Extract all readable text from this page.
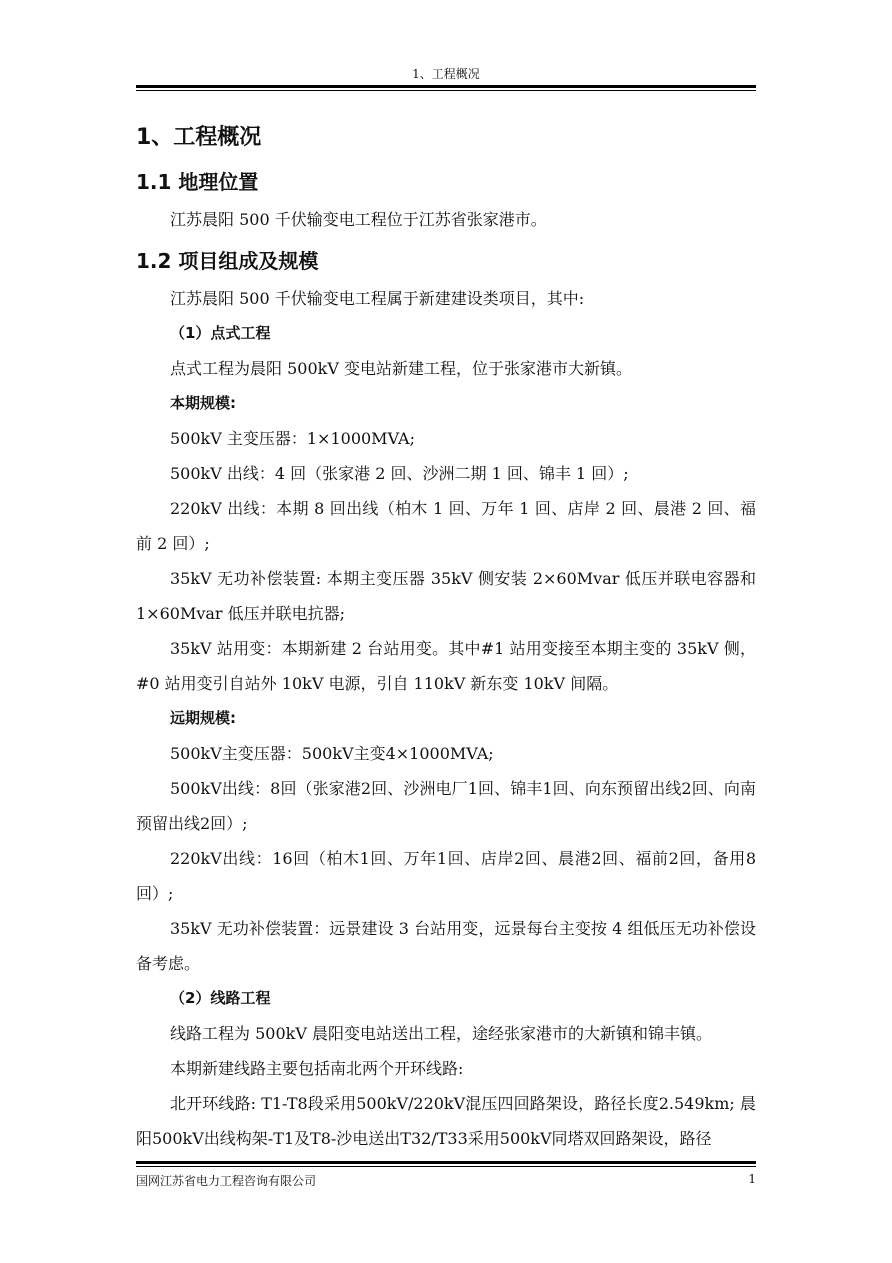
1、工程概况
1、工程概况
1.1 地理位置

江苏晨阳 500 千伏输变电工程位于江苏省张家港市。

1.2 项目组成及规模

江苏晨阳 500 千伏输变电工程属于新建建设类项目，其中:

（1）点式工程

点式工程为晨阳 500kV 变电站新建工程，位于张家港市大新镇。

本期规模:

500kV 主变压器：1×1000MVA;

500kV 出线：4 回（张家港 2 回、沙洲二期 1 回、锦丰 1 回）;

220kV 出线：本期 8 回出线（柏木 1 回、万年 1 回、店岸 2 回、晨港 2 回、福前 2 回）;

35kV 无功补偿装置: 本期主变压器 35kV 侧安装 2×60Mvar 低压并联电容器和 1×60Mvar 低压并联电抗器;

35kV 站用变：本期新建 2 台站用变。其中#1 站用变接至本期主变的 35kV 侧，#0 站用变引自站外 10kV 电源，引自 110kV 新东变 10kV 间隔。

远期规模:

500kV主变压器：500kV主变4×1000MVA;

500kV出线：8回（张家港2回、沙洲电厂1回、锦丰1回、向东预留出线2回、向南预留出线2回）;

220kV出线：16回（柏木1回、万年1回、店岸2回、晨港2回、福前2回，备用8回）;

35kV 无功补偿装置：远景建设 3 台站用变，远景每台主变按 4 组低压无功补偿设备考虑。

（2）线路工程

线路工程为 500kV 晨阳变电站送出工程，途经张家港市的大新镇和锦丰镇。

本期新建线路主要包括南北两个开环线路:

北开环线路: T1-T8段采用500kV/220kV混压四回路架设，路径长度2.549km; 晨阳500kV出线构架-T1及T8-沙电送出T32/T33采用500kV同塔双回路架设，路径

国网江苏省电力工程咨询有限公司	1
